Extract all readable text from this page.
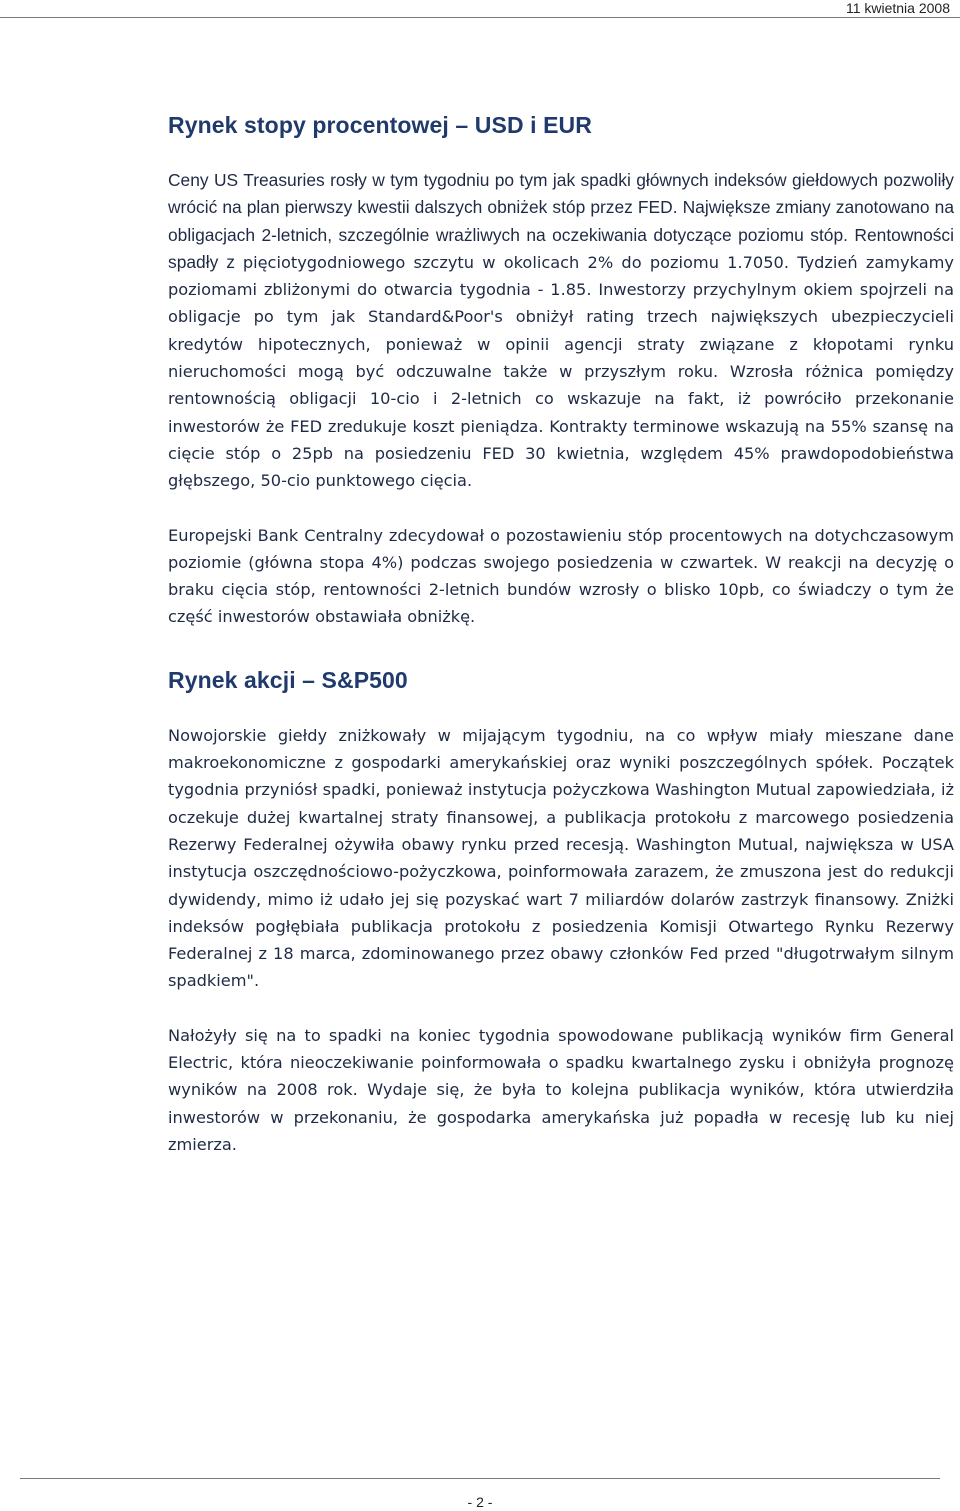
11 kwietnia 2008
Rynek stopy procentowej – USD i EUR

Ceny US Treasuries rosły w tym tygodniu po tym jak spadki głównych indeksów giełdowych pozwoliły wrócić na plan pierwszy kwestii dalszych obniżek stóp przez FED. Największe zmiany zanotowano na obligacjach 2-letnich, szczególnie wrażliwych na oczekiwania dotyczące poziomu stóp. Rentowności spadły z pięciotygodniowego szczytu w okolicach 2% do poziomu 1.7050. Tydzień zamykamy poziomami zbliżonymi do otwarcia tygodnia - 1.85. Inwestorzy przychylnym okiem spojrzeli na obligacje po tym jak Standard&Poor's obniżył rating trzech największych ubezpieczycieli kredytów hipotecznych, ponieważ w opinii agencji straty związane z kłopotami rynku nieruchomości mogą być odczuwalne także w przyszłym roku. Wzrosła różnica pomiędzy rentownością obligacji 10-cio i 2-letnich co wskazuje na fakt, iż powróciło przekonanie inwestorów że FED zredukuje koszt pieniądza. Kontrakty terminowe wskazują na 55% szansę na cięcie stóp o 25pb na posiedzeniu FED 30 kwietnia, względem 45% prawdopodobieństwa głębszego, 50-cio punktowego cięcia.

Europejski Bank Centralny zdecydował o pozostawieniu stóp procentowych na dotychczasowym poziomie (główna stopa 4%) podczas swojego posiedzenia w czwartek. W reakcji na decyzję o braku cięcia stóp, rentowności 2-letnich bundów wzrosły o blisko 10pb, co świadczy o tym że część inwestorów obstawiała obniżkę.

Rynek akcji – S&P500

Nowojorskie giełdy zniżkowały w mijającym tygodniu, na co wpływ miały mieszane dane makroekonomiczne z gospodarki amerykańskiej oraz wyniki poszczególnych spółek. Początek tygodnia przyniósł spadki, ponieważ instytucja pożyczkowa Washington Mutual zapowiedziała, iż oczekuje dużej kwartalnej straty finansowej, a publikacja protokołu z marcowego posiedzenia Rezerwy Federalnej ożywiła obawy rynku przed recesją. Washington Mutual, największa w USA instytucja oszczędnościowo-pożyczkowa, poinformowała zarazem, że zmuszona jest do redukcji dywidendy, mimo iż udało jej się pozyskać wart 7 miliardów dolarów zastrzyk finansowy. Zniżki indeksów pogłębiała publikacja protokołu z posiedzenia Komisji Otwartego Rynku Rezerwy Federalnej z 18 marca, zdominowanego przez obawy członków Fed przed "długotrwałym silnym spadkiem".

Nałożyły się na to spadki na koniec tygodnia spowodowane publikacją wyników firm General Electric, która nieoczekiwanie poinformowała o spadku kwartalnego zysku i obniżyła prognozę wyników na 2008 rok. Wydaje się, że była to kolejna publikacja wyników, która utwierdziła inwestorów w przekonaniu, że gospodarka amerykańska już popadła w recesję lub ku niej zmierza.

- 2 -
